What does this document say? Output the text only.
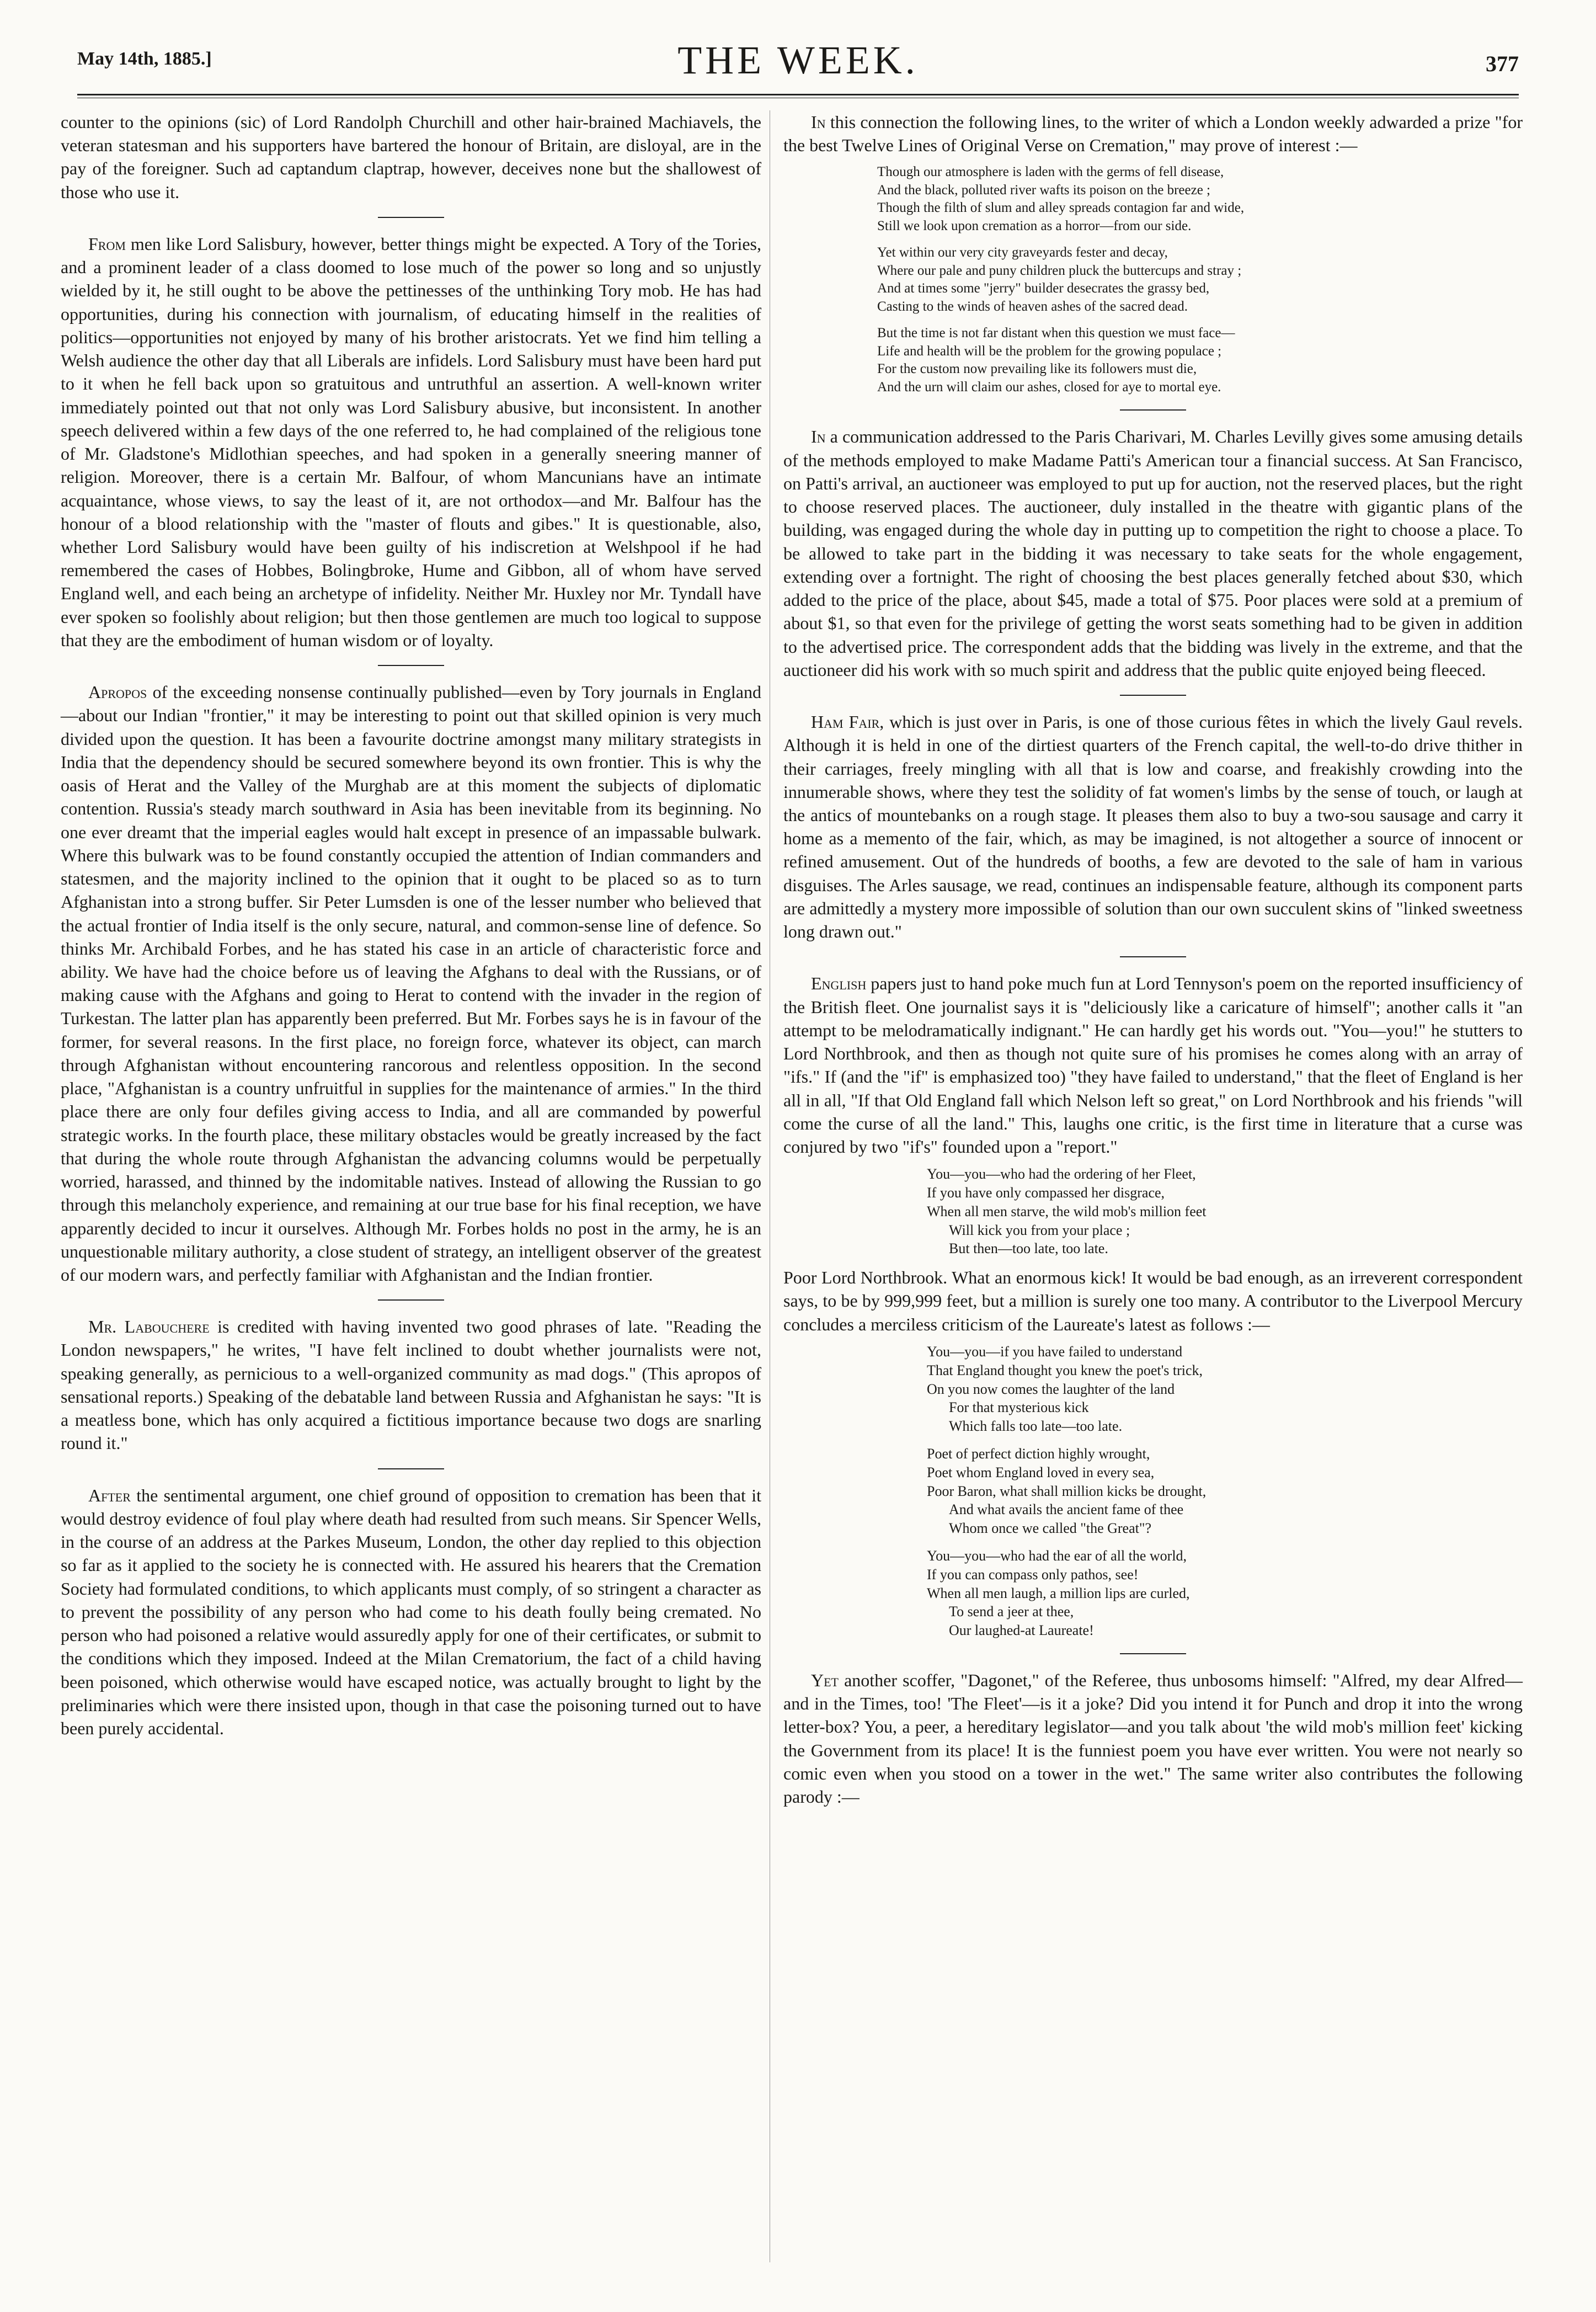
May 14th, 1885.]	THE WEEK.	377

counter to the opinions (sic) of Lord Randolph Churchill and other hair-brained Machiavels, the veteran statesman and his supporters have bartered the honour of Britain, are disloyal, are in the pay of the foreigner. Such ad captandum claptrap, however, deceives none but the shallowest of those who use it.

From men like Lord Salisbury, however, better things might be expected. A Tory of the Tories, and a prominent leader of a class doomed to lose much of the power so long and so unjustly wielded by it, he still ought to be above the pettinesses of the unthinking Tory mob. He has had opportunities, during his connection with journalism, of educating himself in the realities of politics—opportunities not enjoyed by many of his brother aristocrats. Yet we find him telling a Welsh audience the other day that all Liberals are infidels. Lord Salisbury must have been hard put to it when he fell back upon so gratuitous and untruthful an assertion. A well-known writer immediately pointed out that not only was Lord Salisbury abusive, but inconsistent. In another speech delivered within a few days of the one referred to, he had complained of the religious tone of Mr. Gladstone's Midlothian speeches, and had spoken in a generally sneering manner of religion. Moreover, there is a certain Mr. Balfour, of whom Mancunians have an intimate acquaintance, whose views, to say the least of it, are not orthodox—and Mr. Balfour has the honour of a blood relationship with the "master of flouts and gibes." It is questionable, also, whether Lord Salisbury would have been guilty of his indiscretion at Welshpool if he had remembered the cases of Hobbes, Bolingbroke, Hume and Gibbon, all of whom have served England well, and each being an archetype of infidelity. Neither Mr. Huxley nor Mr. Tyndall have ever spoken so foolishly about religion; but then those gentlemen are much too logical to suppose that they are the embodiment of human wisdom or of loyalty.

Apropos of the exceeding nonsense continually published—even by Tory journals in England—about our Indian "frontier," it may be interesting to point out that skilled opinion is very much divided upon the question. It has been a favourite doctrine amongst many military strategists in India that the dependency should be secured somewhere beyond its own frontier. This is why the oasis of Herat and the Valley of the Murghab are at this moment the subjects of diplomatic contention. Russia's steady march southward in Asia has been inevitable from its beginning. No one ever dreamt that the imperial eagles would halt except in presence of an impassable bulwark. Where this bulwark was to be found constantly occupied the attention of Indian commanders and statesmen, and the majority inclined to the opinion that it ought to be placed so as to turn Afghanistan into a strong buffer. Sir Peter Lumsden is one of the lesser number who believed that the actual frontier of India itself is the only secure, natural, and common-sense line of defence. So thinks Mr. Archibald Forbes, and he has stated his case in an article of characteristic force and ability. We have had the choice before us of leaving the Afghans to deal with the Russians, or of making cause with the Afghans and going to Herat to contend with the invader in the region of Turkestan. The latter plan has apparently been preferred. But Mr. Forbes says he is in favour of the former, for several reasons. In the first place, no foreign force, whatever its object, can march through Afghanistan without encountering rancorous and relentless opposition. In the second place, "Afghanistan is a country unfruitful in supplies for the maintenance of armies." In the third place there are only four defiles giving access to India, and all are commanded by powerful strategic works. In the fourth place, these military obstacles would be greatly increased by the fact that during the whole route through Afghanistan the advancing columns would be perpetually worried, harassed, and thinned by the indomitable natives. Instead of allowing the Russian to go through this melancholy experience, and remaining at our true base for his final reception, we have apparently decided to incur it ourselves. Although Mr. Forbes holds no post in the army, he is an unquestionable military authority, a close student of strategy, an intelligent observer of the greatest of our modern wars, and perfectly familiar with Afghanistan and the Indian frontier.

Mr. Labouchere is credited with having invented two good phrases of late. "Reading the London newspapers," he writes, "I have felt inclined to doubt whether journalists were not, speaking generally, as pernicious to a well-organized community as mad dogs." (This apropos of sensational reports.) Speaking of the debatable land between Russia and Afghanistan he says: "It is a meatless bone, which has only acquired a fictitious importance because two dogs are snarling round it."

After the sentimental argument, one chief ground of opposition to cremation has been that it would destroy evidence of foul play where death had resulted from such means. Sir Spencer Wells, in the course of an address at the Parkes Museum, London, the other day replied to this objection so far as it applied to the society he is connected with. He assured his hearers that the Cremation Society had formulated conditions, to which applicants must comply, of so stringent a character as to prevent the possibility of any person who had come to his death foully being cremated. No person who had poisoned a relative would assuredly apply for one of their certificates, or submit to the conditions which they imposed. Indeed at the Milan Crematorium, the fact of a child having been poisoned, which otherwise would have escaped notice, was actually brought to light by the preliminaries which were there insisted upon, though in that case the poisoning turned out to have been purely accidental.

In this connection the following lines, to the writer of which a London weekly adwarded a prize "for the best Twelve Lines of Original Verse on Cremation," may prove of interest :—

Though our atmosphere is laden with the germs of fell disease,
And the black, polluted river wafts its poison on the breeze ;
Though the filth of slum and alley spreads contagion far and wide,
Still we look upon cremation as a horror—from our side.
Yet within our very city graveyards fester and decay,
Where our pale and puny children pluck the buttercups and stray ;
And at times some "jerry" builder desecrates the grassy bed,
Casting to the winds of heaven ashes of the sacred dead.
But the time is not far distant when this question we must face—
Life and health will be the problem for the growing populace ;
For the custom now prevailing like its followers must die,
And the urn will claim our ashes, closed for aye to mortal eye.

In a communication addressed to the Paris Charivari, M. Charles Levilly gives some amusing details of the methods employed to make Madame Patti's American tour a financial success. At San Francisco, on Patti's arrival, an auctioneer was employed to put up for auction, not the reserved places, but the right to choose reserved places. The auctioneer, duly installed in the theatre with gigantic plans of the building, was engaged during the whole day in putting up to competition the right to choose a place. To be allowed to take part in the bidding it was necessary to take seats for the whole engagement, extending over a fortnight. The right of choosing the best places generally fetched about $30, which added to the price of the place, about $45, made a total of $75. Poor places were sold at a premium of about $1, so that even for the privilege of getting the worst seats something had to be given in addition to the advertised price. The correspondent adds that the bidding was lively in the extreme, and that the auctioneer did his work with so much spirit and address that the public quite enjoyed being fleeced.

Ham Fair, which is just over in Paris, is one of those curious fêtes in which the lively Gaul revels. Although it is held in one of the dirtiest quarters of the French capital, the well-to-do drive thither in their carriages, freely mingling with all that is low and coarse, and freakishly crowding into the innumerable shows, where they test the solidity of fat women's limbs by the sense of touch, or laugh at the antics of mountebanks on a rough stage. It pleases them also to buy a two-sou sausage and carry it home as a memento of the fair, which, as may be imagined, is not altogether a source of innocent or refined amusement. Out of the hundreds of booths, a few are devoted to the sale of ham in various disguises. The Arles sausage, we read, continues an indispensable feature, although its component parts are admittedly a mystery more impossible of solution than our own succulent skins of "linked sweetness long drawn out."

English papers just to hand poke much fun at Lord Tennyson's poem on the reported insufficiency of the British fleet. One journalist says it is "deliciously like a caricature of himself"; another calls it "an attempt to be melodramatically indignant." He can hardly get his words out. "You—you!" he stutters to Lord Northbrook, and then as though not quite sure of his promises he comes along with an array of "ifs." If (and the "if" is emphasized too) "they have failed to understand," that the fleet of England is her all in all, "If that Old England fall which Nelson left so great," on Lord Northbrook and his friends "will come the curse of all the land." This, laughs one critic, is the first time in literature that a curse was conjured by two "if's" founded upon a "report."

You—you—who had the ordering of her Fleet,
If you have only compassed her disgrace,
When all men starve, the wild mob's million feet
Will kick you from your place ;
But then—too late, too late.

Poor Lord Northbrook. What an enormous kick! It would be bad enough, as an irreverent correspondent says, to be by 999,999 feet, but a million is surely one too many. A contributor to the Liverpool Mercury concludes a merciless criticism of the Laureate's latest as follows :—

You—you—if you have failed to understand
That England thought you knew the poet's trick,
On you now comes the laughter of the land
For that mysterious kick
Which falls too late—too late.
Poet of perfect diction highly wrought,
Poet whom England loved in every sea,
Poor Baron, what shall million kicks be drought,
And what avails the ancient fame of thee
Whom once we called "the Great"?
You—you—who had the ear of all the world,
If you can compass only pathos, see!
When all men laugh, a million lips are curled,
To send a jeer at thee,
Our laughed-at Laureate!

Yet another scoffer, "Dagonet," of the Referee, thus unbosoms himself: "Alfred, my dear Alfred—and in the Times, too! 'The Fleet'—is it a joke? Did you intend it for Punch and drop it into the wrong letter-box? You, a peer, a hereditary legislator—and you talk about 'the wild mob's million feet' kicking the Government from its place! It is the funniest poem you have ever written. You were not nearly so comic even when you stood on a tower in the wet." The same writer also contributes the following parody :—
